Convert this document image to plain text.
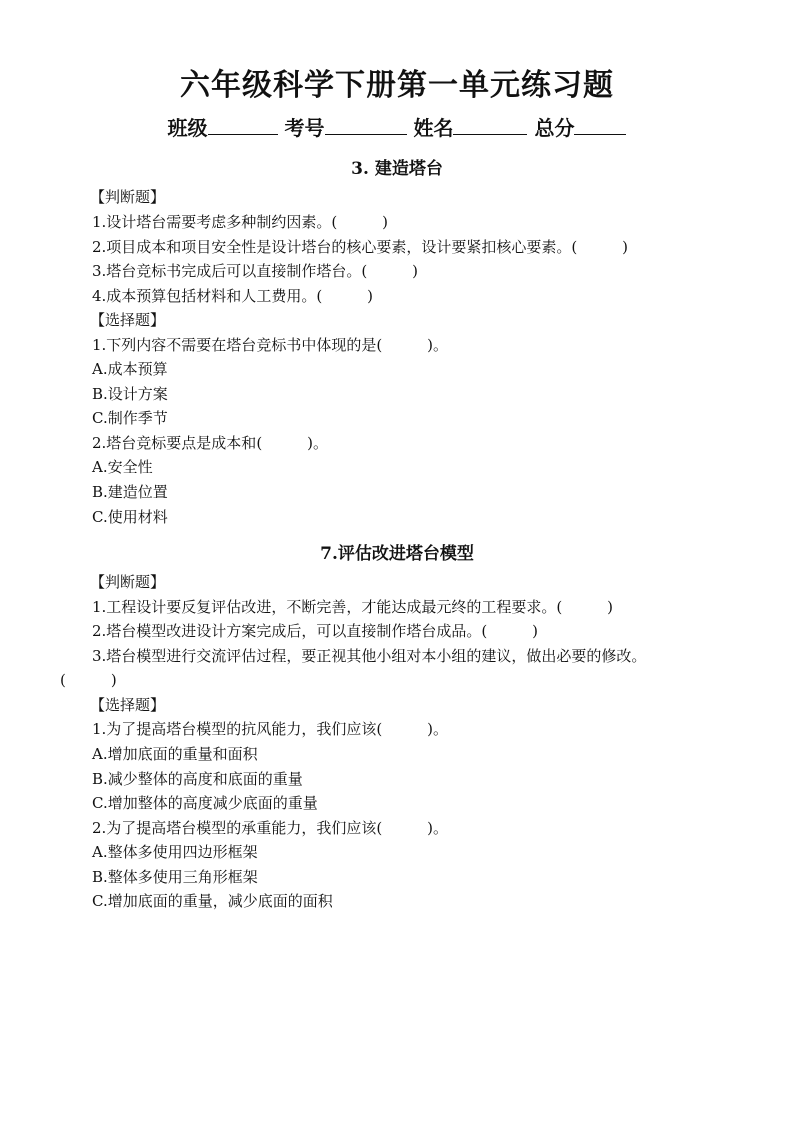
六年级科学下册第一单元练习题
班级	考号	姓名	总分
3. 建造塔台
【判断题】
1.设计塔台需要考虑多种制约因素。(　　　)
2.项目成本和项目安全性是设计塔台的核心要素，设计要紧扣核心要素。(　　　)
3.塔台竞标书完成后可以直接制作塔台。(　　　)
4.成本预算包括材料和人工费用。(　　　)
【选择题】
1.下列内容不需要在塔台竞标书中体现的是(　　　)。
A.成本预算
B.设计方案
C.制作季节
2.塔台竞标要点是成本和(　　　)。
A.安全性
B.建造位置
C.使用材料
7.评估改进塔台模型
【判断题】
1.工程设计要反复评估改进，不断完善，才能达成最元终的工程要求。(　　　)
2.塔台模型改进设计方案完成后，可以直接制作塔台成品。(　　　)
3.塔台模型进行交流评估过程，要正视其他小组对本小组的建议，做出必要的修改。
(　　　)
【选择题】
1.为了提高塔台模型的抗风能力，我们应该(　　　)。
A.增加底面的重量和面积
B.减少整体的高度和底面的重量
C.增加整体的高度减少底面的重量
2.为了提高塔台模型的承重能力，我们应该(　　　)。
A.整体多使用四边形框架
B.整体多使用三角形框架
C.增加底面的重量，减少底面的面积
